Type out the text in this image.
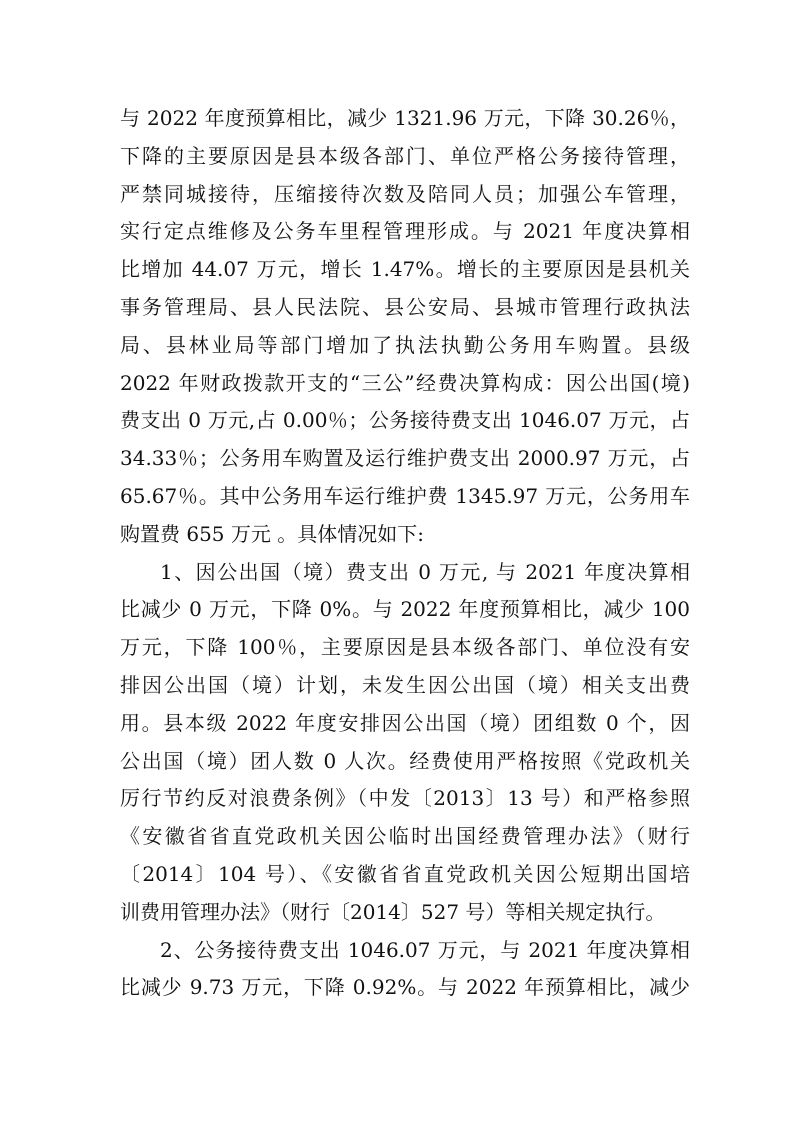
与 2022 年度预算相比，减少 1321.96 万元，下降 30.26％，
下降的主要原因是县本级各部门、单位严格公务接待管理，
严禁同城接待，压缩接待次数及陪同人员；加强公车管理，
实行定点维修及公务车里程管理形成。与 2021 年度决算相
比增加 44.07 万元，增长 1.47%。增长的主要原因是县机关
事务管理局、县人民法院、县公安局、县城市管理行政执法
局、县林业局等部门增加了执法执勤公务用车购置。县级
2022 年财政拨款开支的“三公”经费决算构成：因公出国(境)
费支出 0 万元,占 0.00％；公务接待费支出 1046.07 万元，占
34.33％；公务用车购置及运行维护费支出 2000.97 万元，占
65.67％。其中公务用车运行维护费 1345.97 万元，公务用车
购置费 655 万元 。具体情况如下:
1、因公出国（境）费支出 0 万元, 与 2021 年度决算相
比减少 0 万元，下降 0%。与 2022 年度预算相比，减少 100
万元，下降 100％，主要原因是县本级各部门、单位没有安
排因公出国（境）计划，未发生因公出国（境）相关支出费
用。县本级 2022 年度安排因公出国（境）团组数 0 个，因
公出国（境）团人数 0 人次。经费使用严格按照《党政机关
厉行节约反对浪费条例》（中发〔2013〕13 号）和严格参照
《安徽省省直党政机关因公临时出国经费管理办法》（财行
〔2014〕104 号）、《安徽省省直党政机关因公短期出国培
训费用管理办法》（财行〔2014〕527 号）等相关规定执行。
2、公务接待费支出 1046.07 万元，与 2021 年度决算相
比减少 9.73 万元，下降 0.92%。与 2022 年预算相比，减少
